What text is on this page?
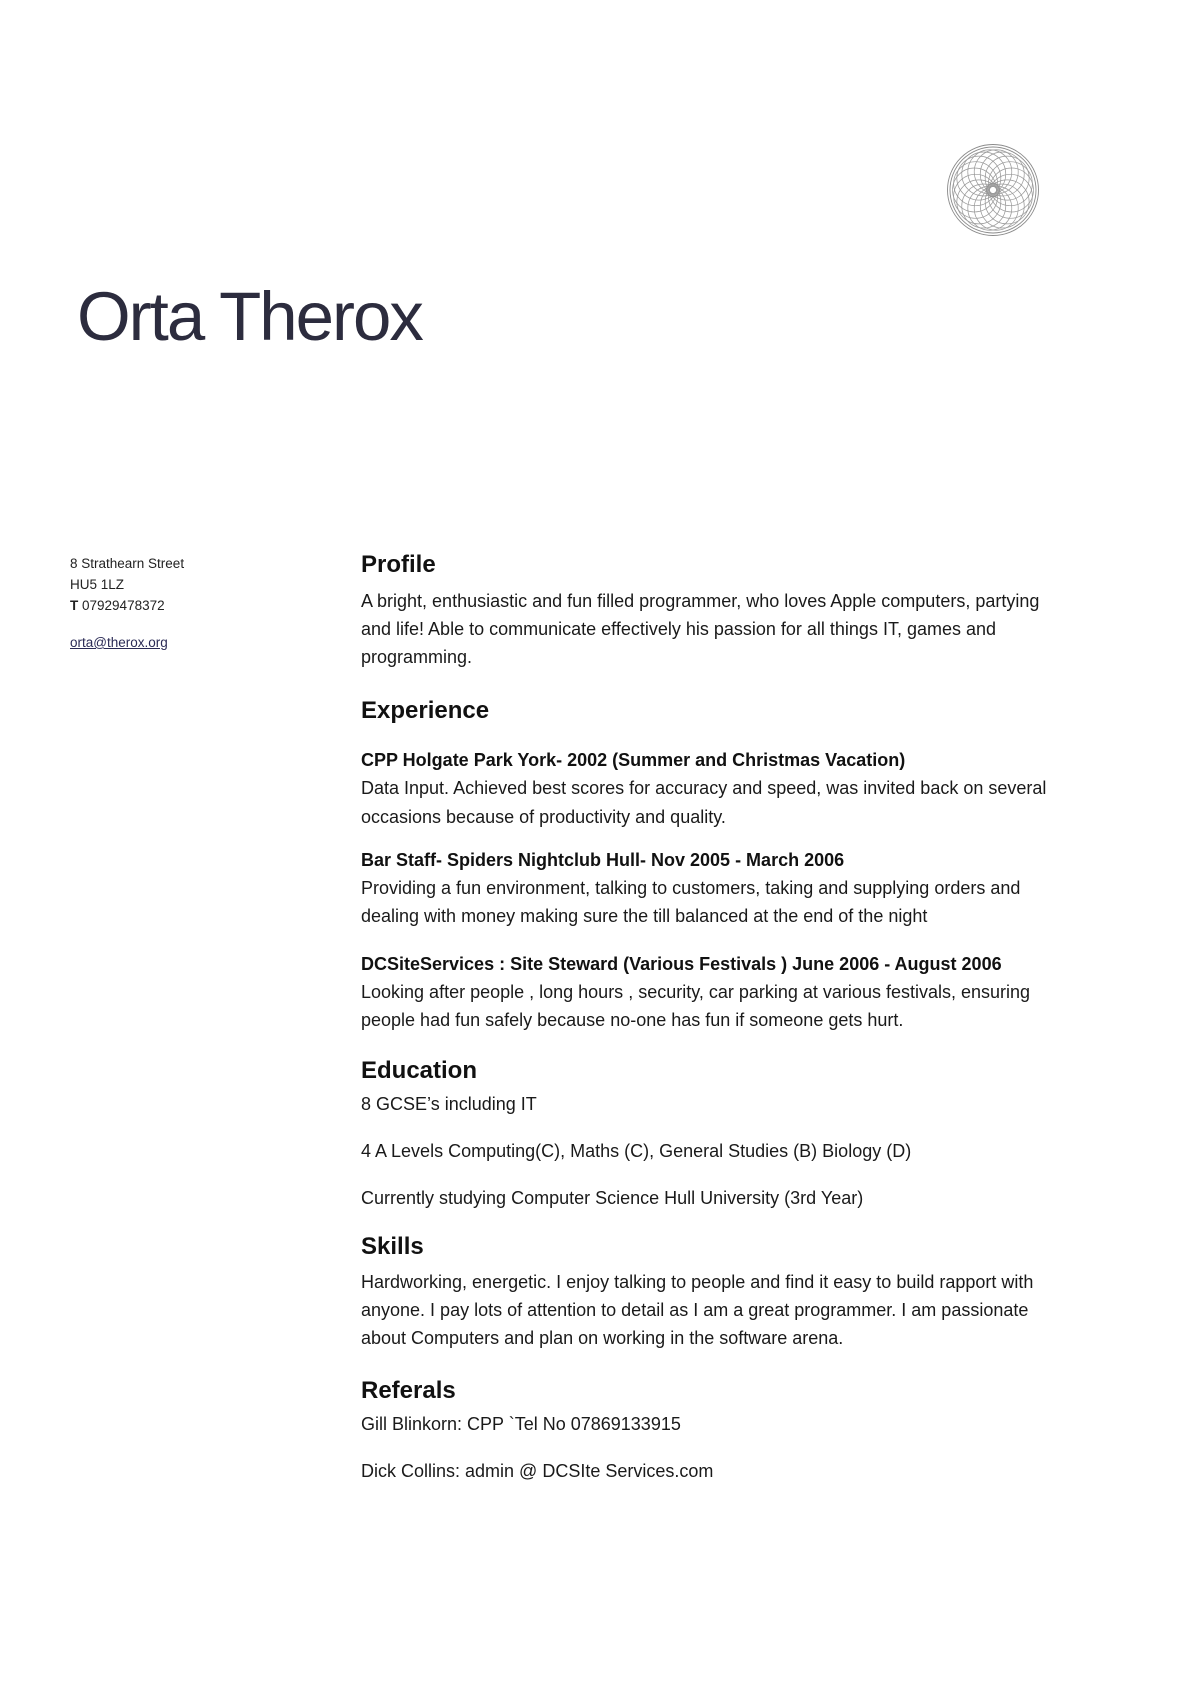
Orta Therox
8 Strathearn Street
HU5 1LZ
T 07929478372
orta@therox.org
Profile

A bright, enthusiastic and fun filled programmer, who loves Apple computers, partying and life! Able to communicate effectively his passion for all things IT, games and programming.

Experience

CPP Holgate Park York- 2002 (Summer and Christmas Vacation)

Data Input. Achieved best scores for accuracy and speed, was invited back on several occasions because of productivity and quality.

Bar Staff- Spiders Nightclub Hull- Nov 2005 - March 2006

Providing a fun environment, talking to customers, taking and supplying orders and dealing with money making sure the till balanced at the end of the night

DCSiteServices : Site Steward (Various Festivals ) June 2006 - August 2006

Looking after people , long hours , security, car parking at various festivals, ensuring people had fun safely because no-one has fun if someone gets hurt.

Education

8 GCSE’s including IT

4 A Levels Computing(C), Maths (C), General Studies (B) Biology (D)

Currently studying Computer Science Hull University (3rd Year)

Skills

Hardworking, energetic. I enjoy talking to people and find it easy to build rapport with anyone. I pay lots of attention to detail as I am a great programmer. I am passionate about Computers and plan on working in the software arena.

Referals

Gill Blinkorn: CPP `Tel No 07869133915

Dick Collins: admin @ DCSIte Services.com
